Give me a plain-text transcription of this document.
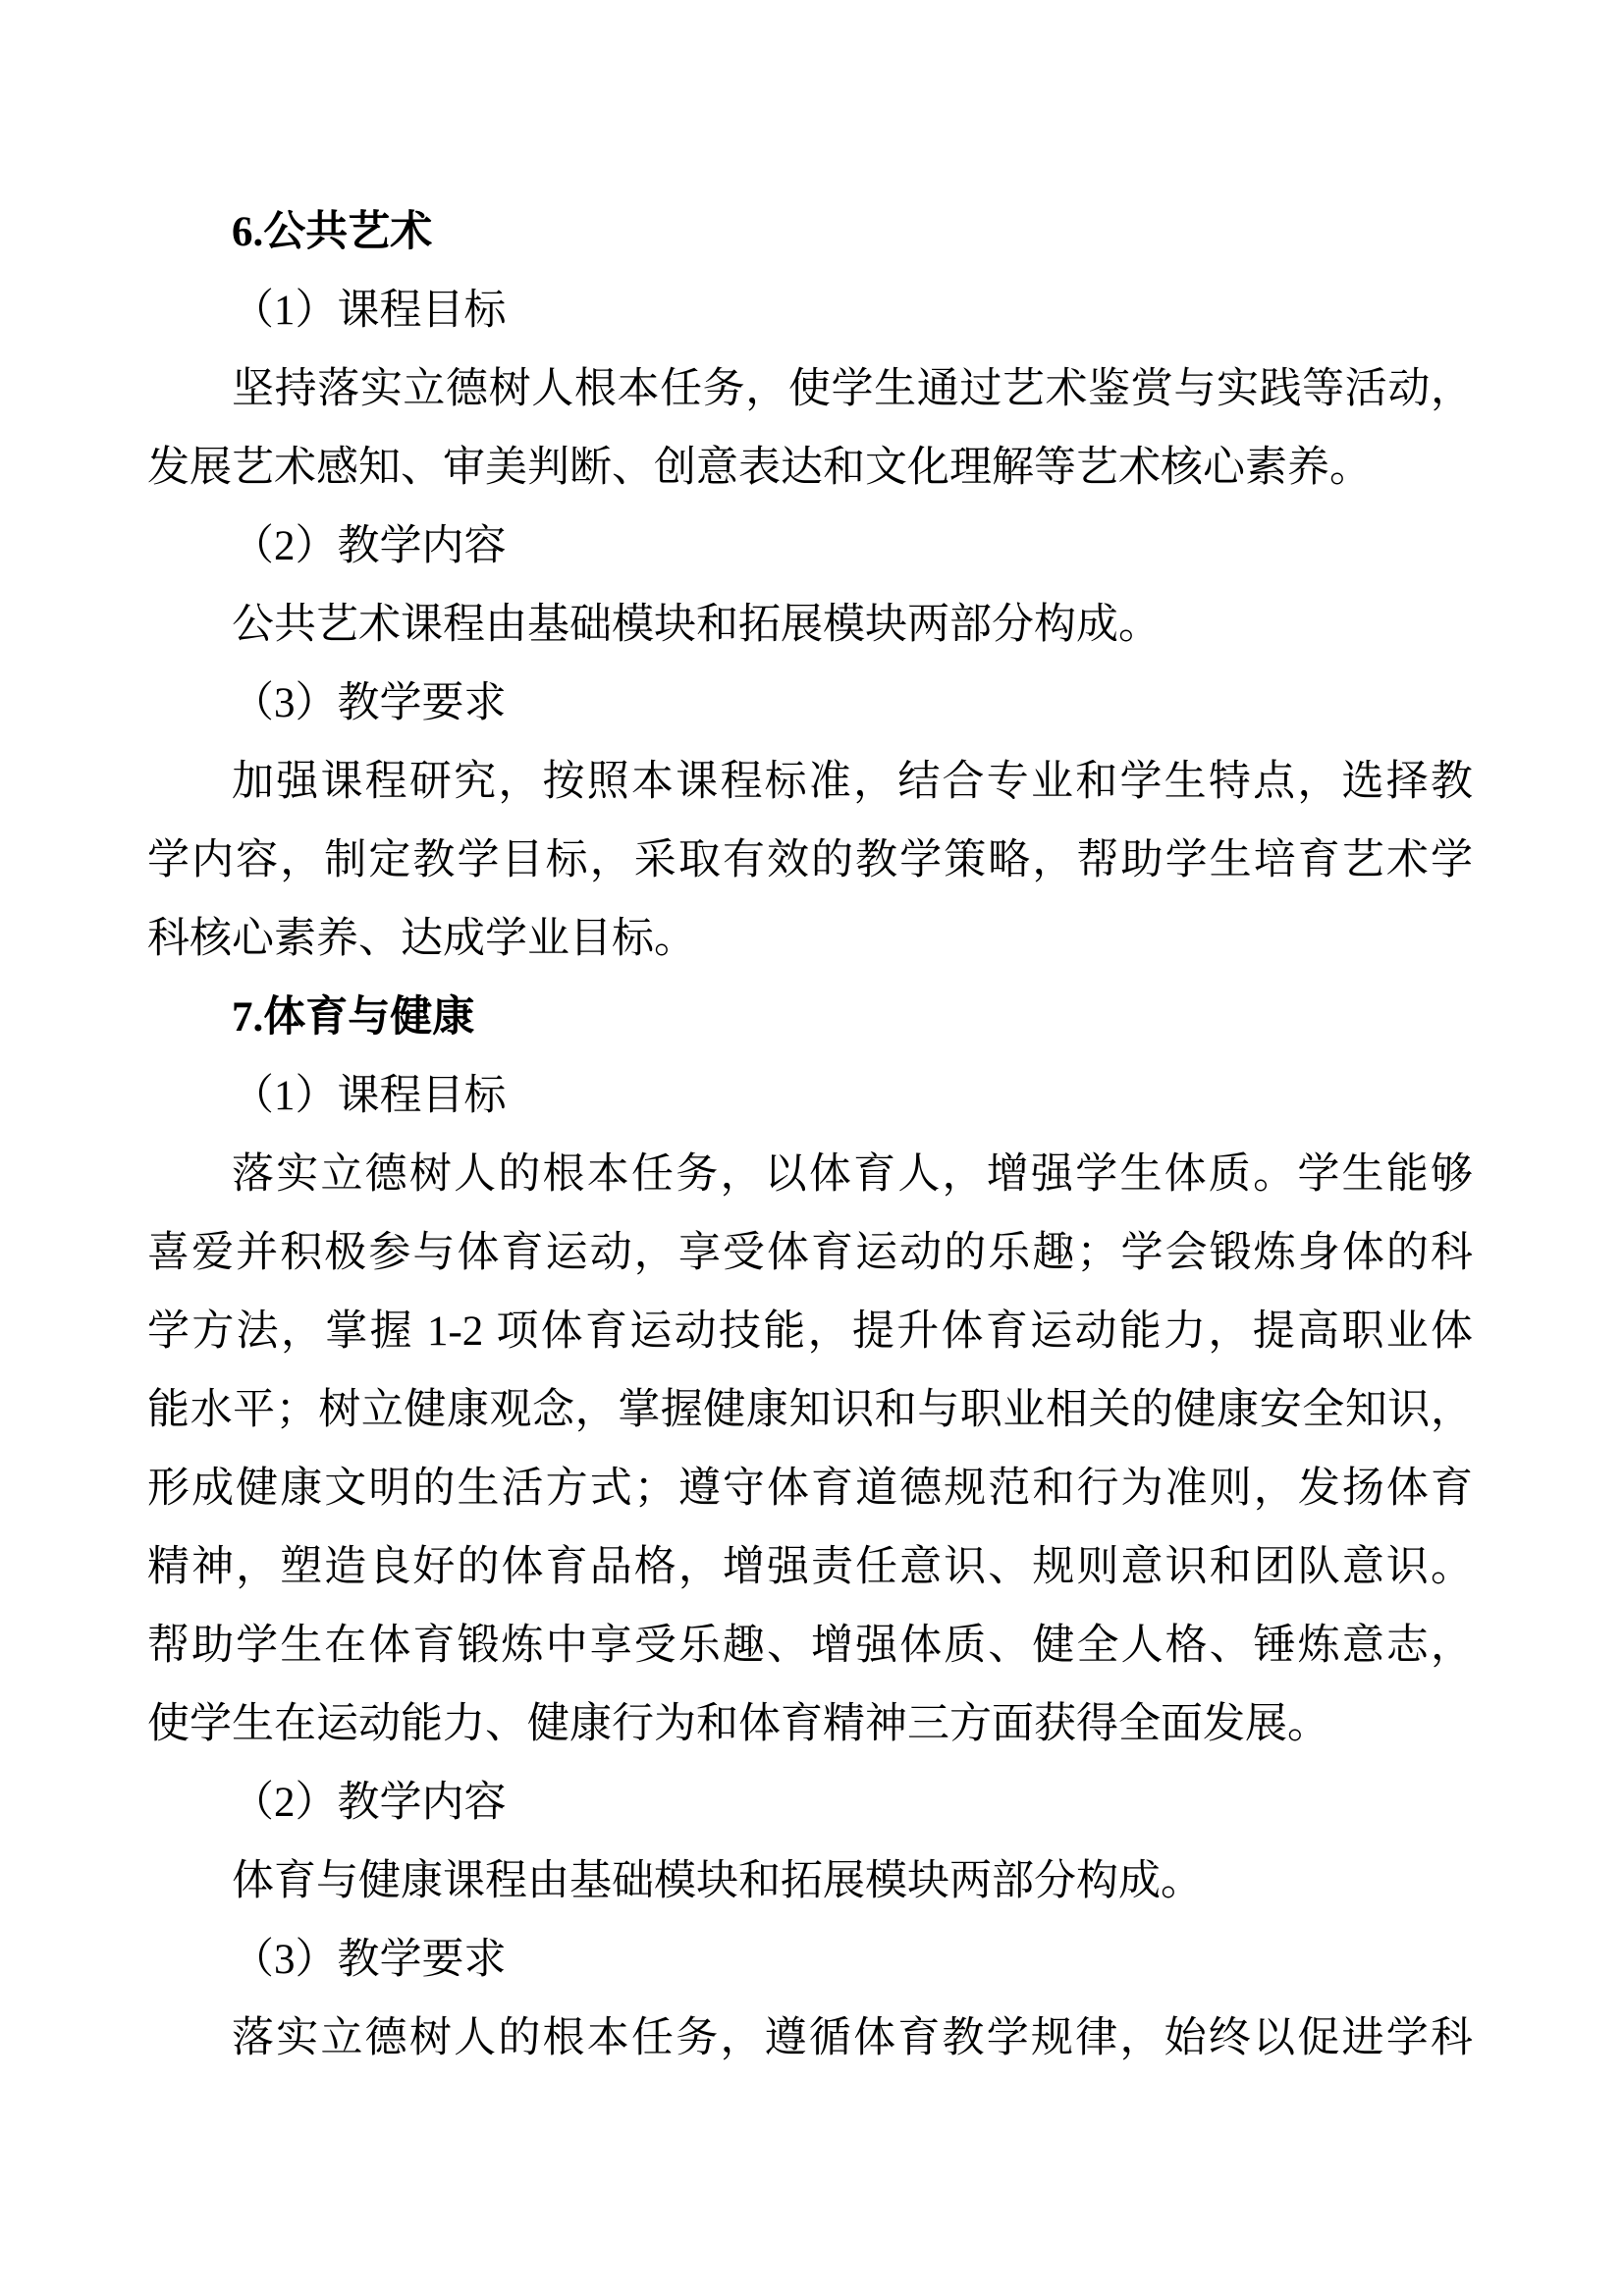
6.公共艺术
（1）课程目标
坚持落实立德树人根本任务，使学生通过艺术鉴赏与实践等活动，
发展艺术感知、审美判断、创意表达和文化理解等艺术核心素养。
（2）教学内容
公共艺术课程由基础模块和拓展模块两部分构成。
（3）教学要求
加强课程研究，按照本课程标准，结合专业和学生特点，选择教
学内容，制定教学目标，采取有效的教学策略，帮助学生培育艺术学
科核心素养、达成学业目标。
7.体育与健康
（1）课程目标
落实立德树人的根本任务，以体育人，增强学生体质。学生能够
喜爱并积极参与体育运动，享受体育运动的乐趣；学会锻炼身体的科
学方法，掌握 1-2 项体育运动技能，提升体育运动能力，提高职业体
能水平；树立健康观念，掌握健康知识和与职业相关的健康安全知识，
形成健康文明的生活方式；遵守体育道德规范和行为准则，发扬体育
精神，塑造良好的体育品格，增强责任意识、规则意识和团队意识。
帮助学生在体育锻炼中享受乐趣、增强体质、健全人格、锤炼意志，
使学生在运动能力、健康行为和体育精神三方面获得全面发展。
（2）教学内容
体育与健康课程由基础模块和拓展模块两部分构成。
（3）教学要求
落实立德树人的根本任务，遵循体育教学规律，始终以促进学科
